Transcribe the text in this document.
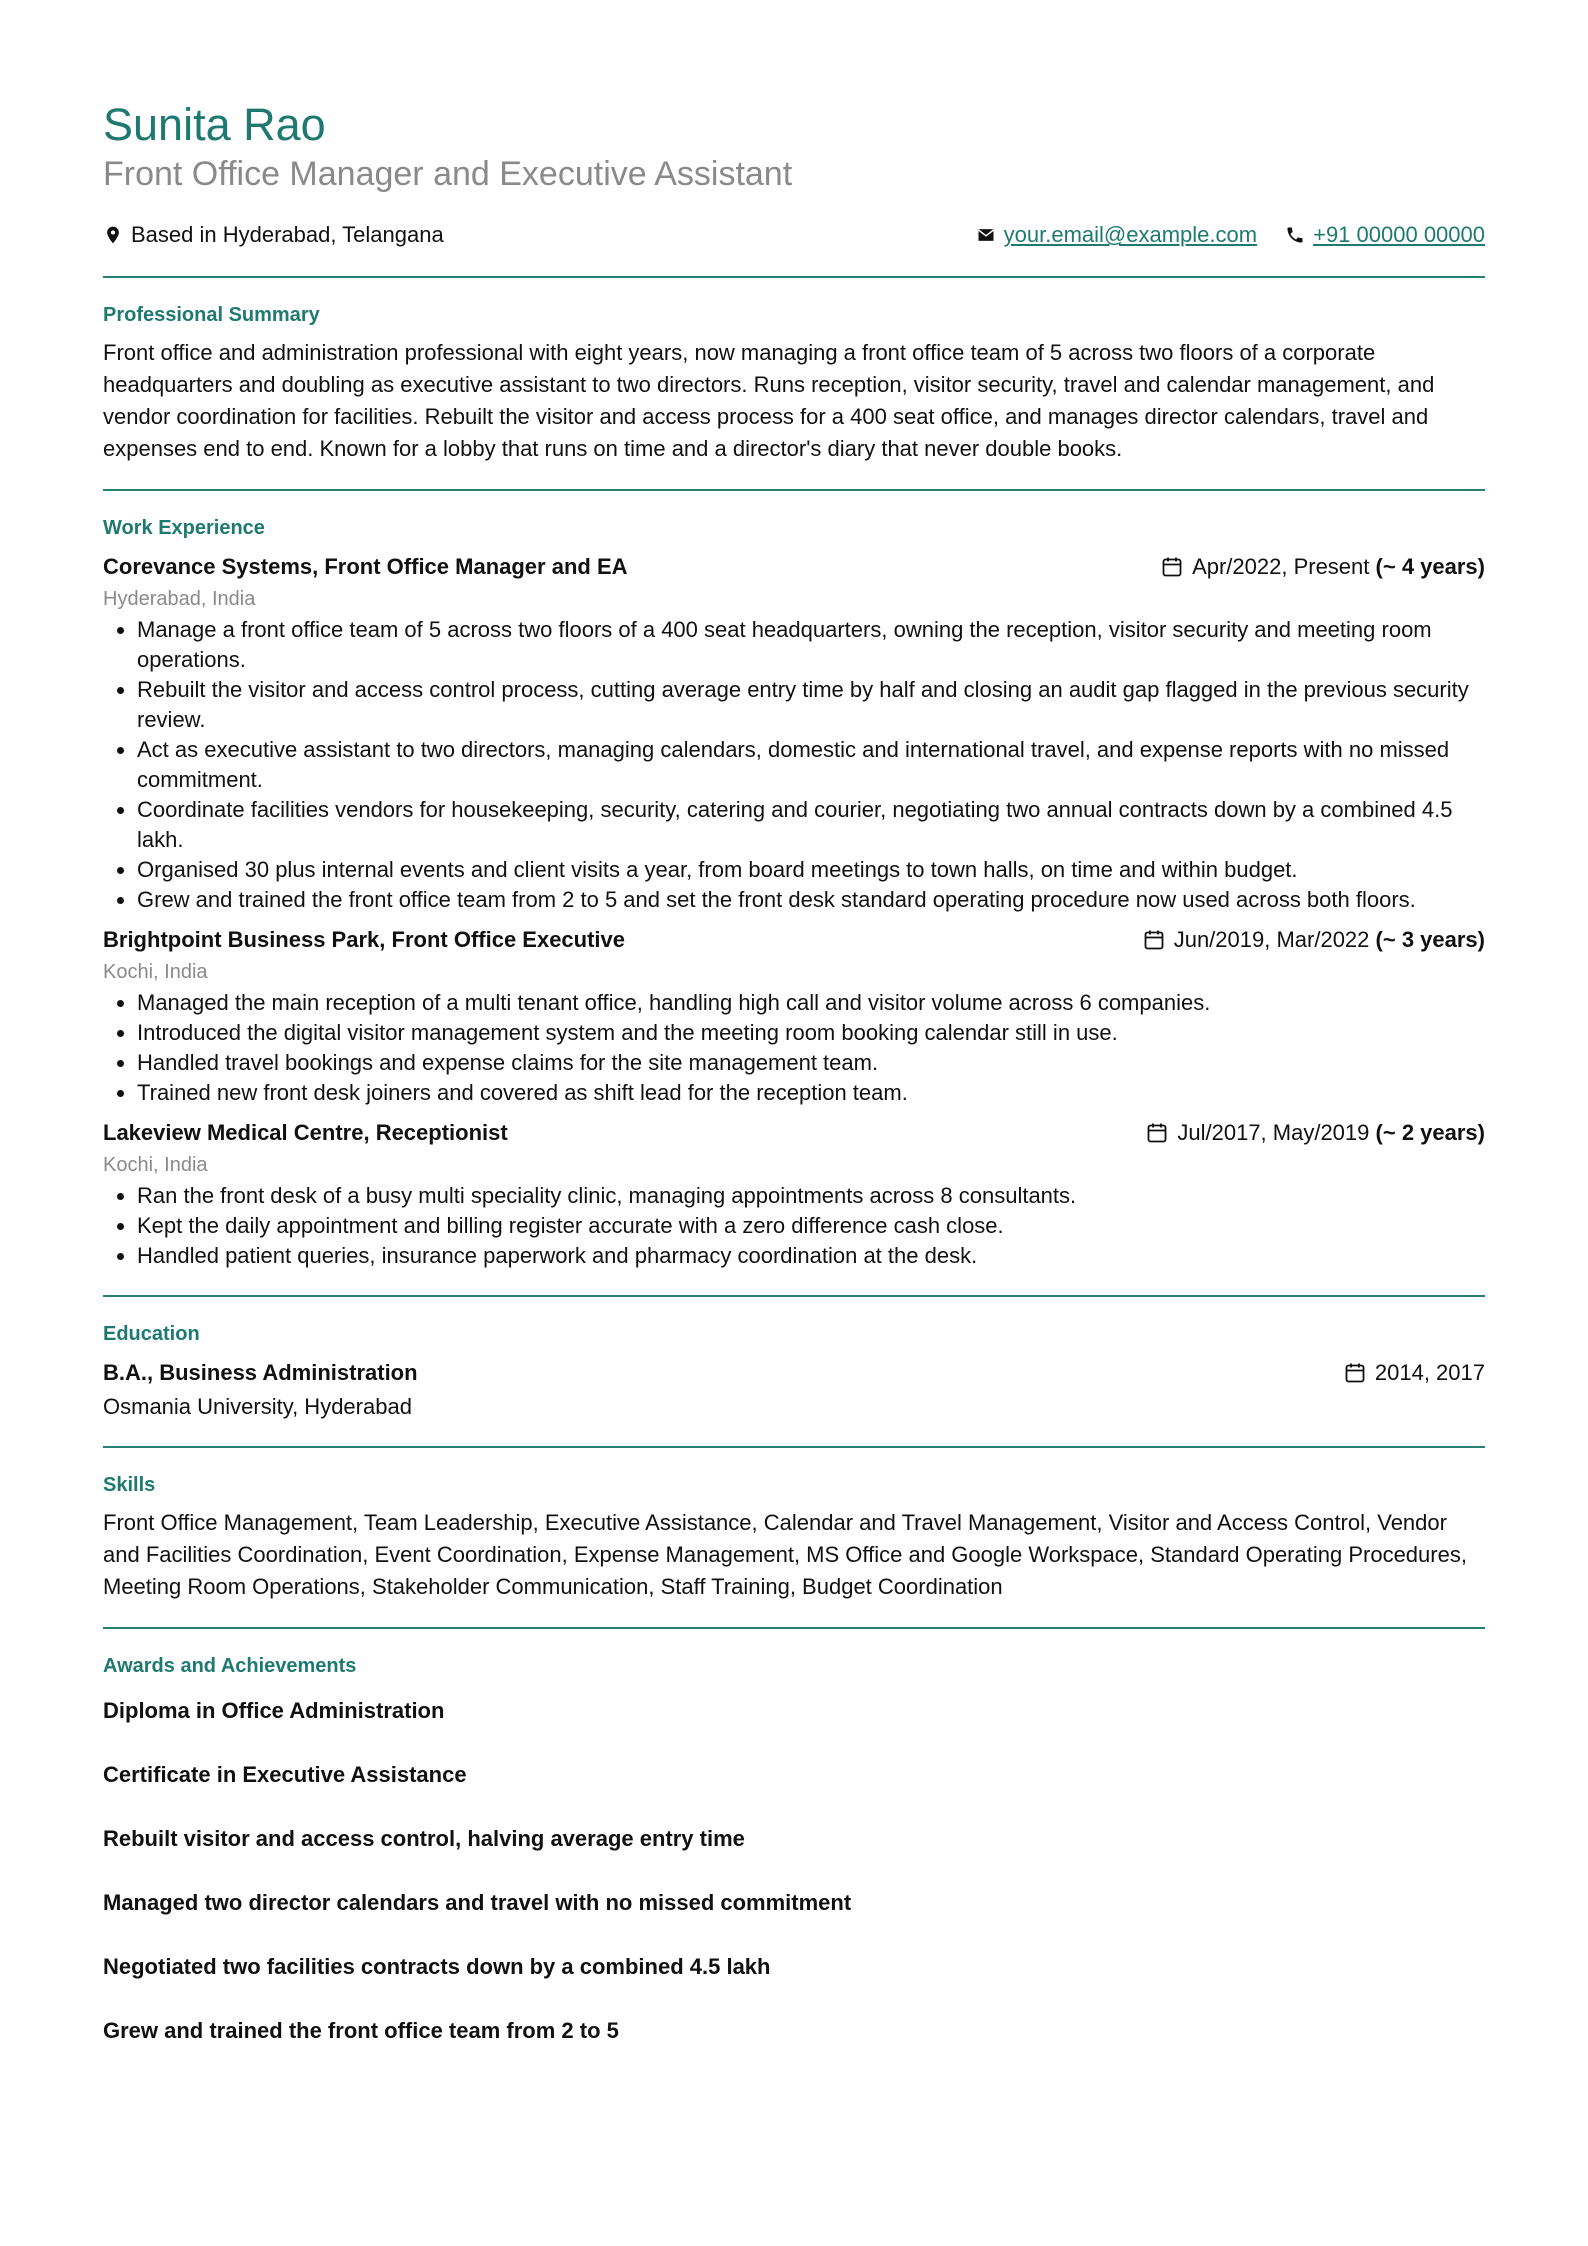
Sunita Rao
Front Office Manager and Executive Assistant
Based in Hyderabad, Telangana	your.email@example.com	+91 00000 00000
Professional Summary

Front office and administration professional with eight years, now managing a front office team of 5 across two floors of a corporate headquarters and doubling as executive assistant to two directors. Runs reception, visitor security, travel and calendar management, and vendor coordination for facilities. Rebuilt the visitor and access process for a 400 seat office, and manages director calendars, travel and expenses end to end. Known for a lobby that runs on time and a director's diary that never double books.

Work Experience
Corevance Systems, Front Office Manager and EA	Apr/2022, Present
(~ 4 years)
Hyderabad, India
• Manage a front office team of 5 across two floors of a 400 seat headquarters, owning the reception, visitor security and meeting room operations.
• Rebuilt the visitor and access control process, cutting average entry time by half and closing an audit gap flagged in the previous security review.
• Act as executive assistant to two directors, managing calendars, domestic and international travel, and expense reports with no missed commitment.
• Coordinate facilities vendors for housekeeping, security, catering and courier, negotiating two annual contracts down by a combined 4.5 lakh.
• Organised 30 plus internal events and client visits a year, from board meetings to town halls, on time and within budget.
• Grew and trained the front office team from 2 to 5 and set the front desk standard operating procedure now used across both floors.
Brightpoint Business Park, Front Office Executive	Jun/2019, Mar/2022
(~ 3 years)
Kochi, India
• Managed the main reception of a multi tenant office, handling high call and visitor volume across 6 companies.
• Introduced the digital visitor management system and the meeting room booking calendar still in use.
• Handled travel bookings and expense claims for the site management team.
• Trained new front desk joiners and covered as shift lead for the reception team.
Lakeview Medical Centre, Receptionist	Jul/2017, May/2019
(~ 2 years)
Kochi, India
• Ran the front desk of a busy multi speciality clinic, managing appointments across 8 consultants.
• Kept the daily appointment and billing register accurate with a zero difference cash close.
• Handled patient queries, insurance paperwork and pharmacy coordination at the desk.
Education
B.A., Business Administration	2014, 2017
Osmania University, Hyderabad
Skills

Front Office Management, Team Leadership, Executive Assistance, Calendar and Travel Management, Visitor and Access Control, Vendor and Facilities Coordination, Event Coordination, Expense Management, MS Office and Google Workspace, Standard Operating Procedures, Meeting Room Operations, Stakeholder Communication, Staff Training, Budget Coordination

Awards and Achievements
Diploma in Office Administration
Certificate in Executive Assistance
Rebuilt visitor and access control, halving average entry time
Managed two director calendars and travel with no missed commitment
Negotiated two facilities contracts down by a combined 4.5 lakh
Grew and trained the front office team from 2 to 5
